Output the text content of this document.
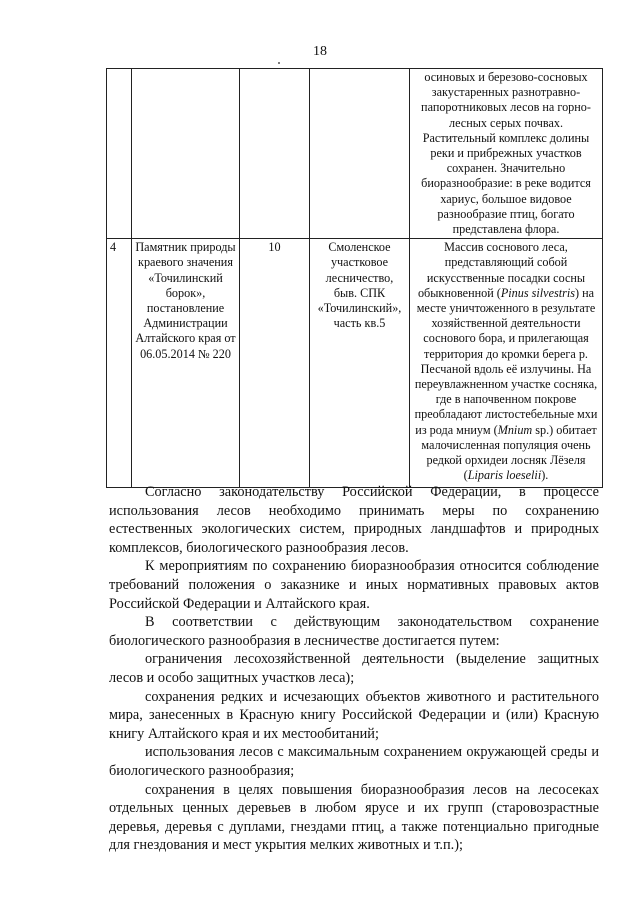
18
				осиновых и березово-сосновых закустаренных разнотравно-папоротниковых лесов на горно-лесных серых почвах. Растительный комплекс долины реки и прибрежных участков сохранен. Значительно биоразнообразие: в реке водится хариус, большое видовое разнообразие птиц, богато представлена флора.
4	Памятник природы краевого значения «Точилинский борок», постановление Администрации Алтайского края от 06.05.2014 № 220	10	Смоленское участковое лесничество, быв. СПК «Точилинский», часть кв.5	Массив соснового леса, представляющий собой искусственные посадки сосны обыкновенной (Pinus silvestris) на месте уничтоженного в результате хозяйственной деятельности соснового бора, и прилегающая территория до кромки берега р. Песчаной вдоль её излучины. На переувлажненном участке сосняка, где в напочвенном покрове преобладают листостебельные мхи из рода мниум (Mnium sp.) обитает малочисленная популяция очень редкой орхидеи лосняк Лёзеля (Liparis loeselii).

Согласно законодательству Российской Федерации, в процессе использования лесов необходимо принимать меры по сохранению естественных экологических систем, природных ландшафтов и природных комплексов, биологического разнообразия лесов.

К мероприятиям по сохранению биоразнообразия относится соблюдение требований положения о заказнике и иных нормативных правовых актов Российской Федерации и Алтайского края.

В соответствии с действующим законодательством сохранение биологического разнообразия в лесничестве достигается путем:

ограничения лесохозяйственной деятельности (выделение защитных лесов и особо защитных участков леса);

сохранения редких и исчезающих объектов животного и растительного мира, занесенных в Красную книгу Российской Федерации и (или) Красную книгу Алтайского края и их местообитаний;

использования лесов с максимальным сохранением окружающей среды и биологического разнообразия;

сохранения в целях повышения биоразнообразия лесов на лесосеках отдельных ценных деревьев в любом ярусе и их групп (старовозрастные деревья, деревья с дуплами, гнездами птиц, а также потенциально пригодные для гнездования и мест укрытия мелких животных и т.п.);
